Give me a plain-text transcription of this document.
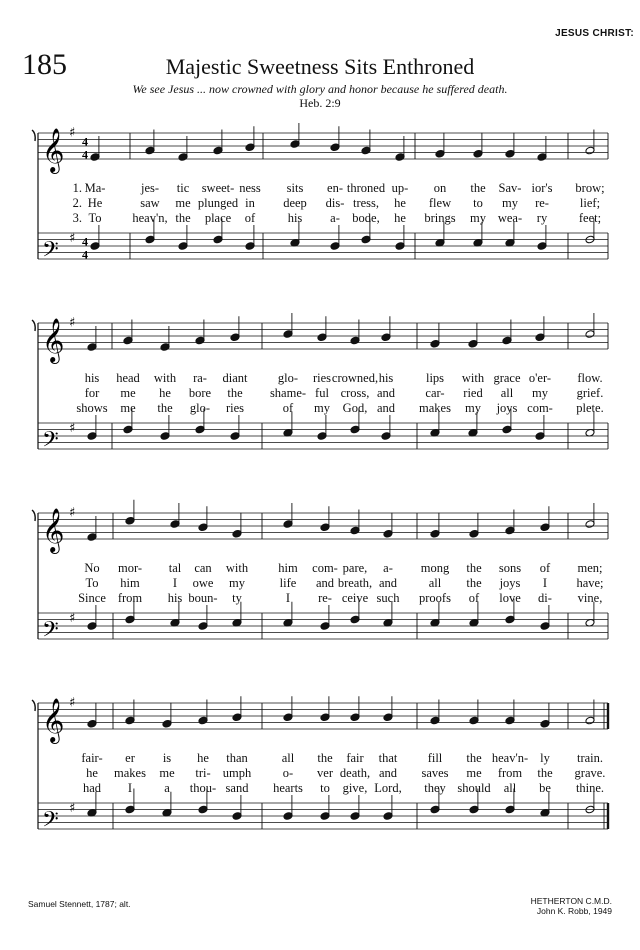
JESUS CHRIST:
185	Majestic Sweetness Sits Enthroned
We see Jesus ... now crowned with glory and honor because he suffered death.
Heb. 2:9
𝄞 ♯
4
4
𝄢 ♯ 4
4
1. Ma-	jes- tic sweet- ness sits en- throned up- on the Sav- ior's brow;
2. He	saw me plunged in deep dis- tress, he flew to my re- lief;
3. To heav'n, the place of	his a- bode, he brings my wea- ry	feet;
𝄞 ♯
𝄢 ♯
his head with ra- diant glo- ries crowned, his	lips with grace o'er- flow.
for me he bore the shame- ful cross, and car- ried all my grief.
shows me the glo- ries	of my God, and makes my joys com- plete.
𝄞 ♯
𝄢 ♯
No mor- tal can with him com- pare, a- mong the sons of men;
To him	I owe my	life and breath, and	all the joys I have;
Since from his boun- ty	I re- ceive such proofs of love di- vine,
𝄞 ♯
𝄢 ♯
fair- er is he than	all the fair that fill the heav'n- ly train.
he makes me tri- umph	o- ver death, and saves me from the grave.
had I	a thou- sand hearts to give, Lord, they should all be thine.
Samuel Stennett, 1787; alt.	HETHERTON C.M.D.
John K. Robb, 1949
